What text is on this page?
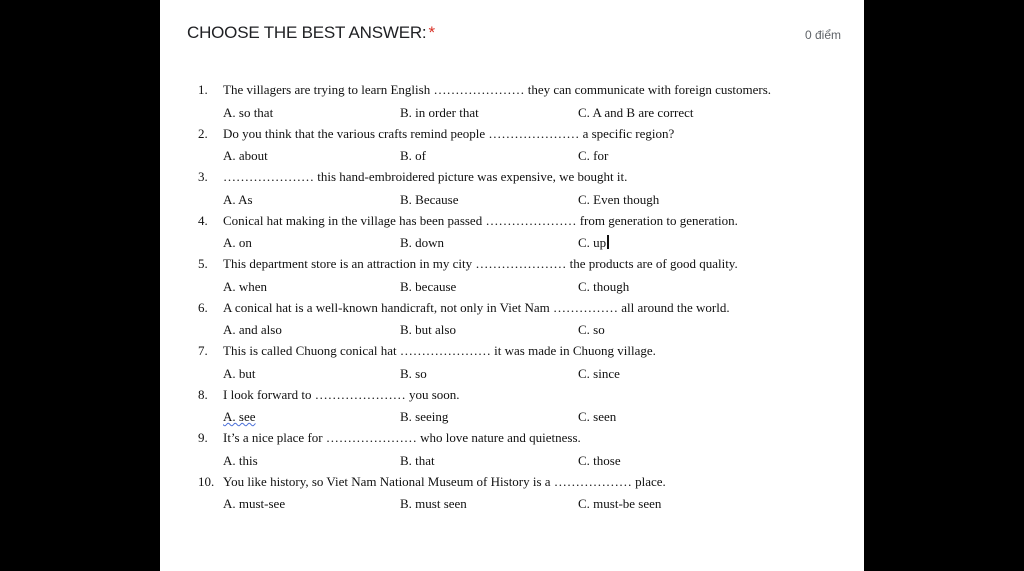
CHOOSE THE BEST ANSWER: *	0 điểm
1.	The villagers are trying to learn English ………………… they can communicate with foreign customers.
A. so that	B. in order that	C. A and B are correct
2.	Do you think that the various crafts remind people ………………… a specific region?
A. about	B. of	C. for
3.	………………… this hand-embroidered picture was expensive, we bought it.
A. As	B. Because	C. Even though
4.	Conical hat making in the village has been passed ………………… from generation to generation.
A. on	B. down	C. up
5.	This department store is an attraction in my city ………………… the products are of good quality.
A. when	B. because	C. though
6.	A conical hat is a well-known handicraft, not only in Viet Nam …………… all around the world.
A. and also	B. but also	C. so
7.	This is called Chuong conical hat ………………… it was made in Chuong village.
A. but	B. so	C. since
8.	I look forward to ………………… you soon.
A. see	B. seeing	C. seen
9.	It’s a nice place for ………………… who love nature and quietness.
A. this	B. that	C. those
10. You like history, so Viet Nam National Museum of History is a ……………… place.
A. must-see	B. must seen	C. must-be seen
